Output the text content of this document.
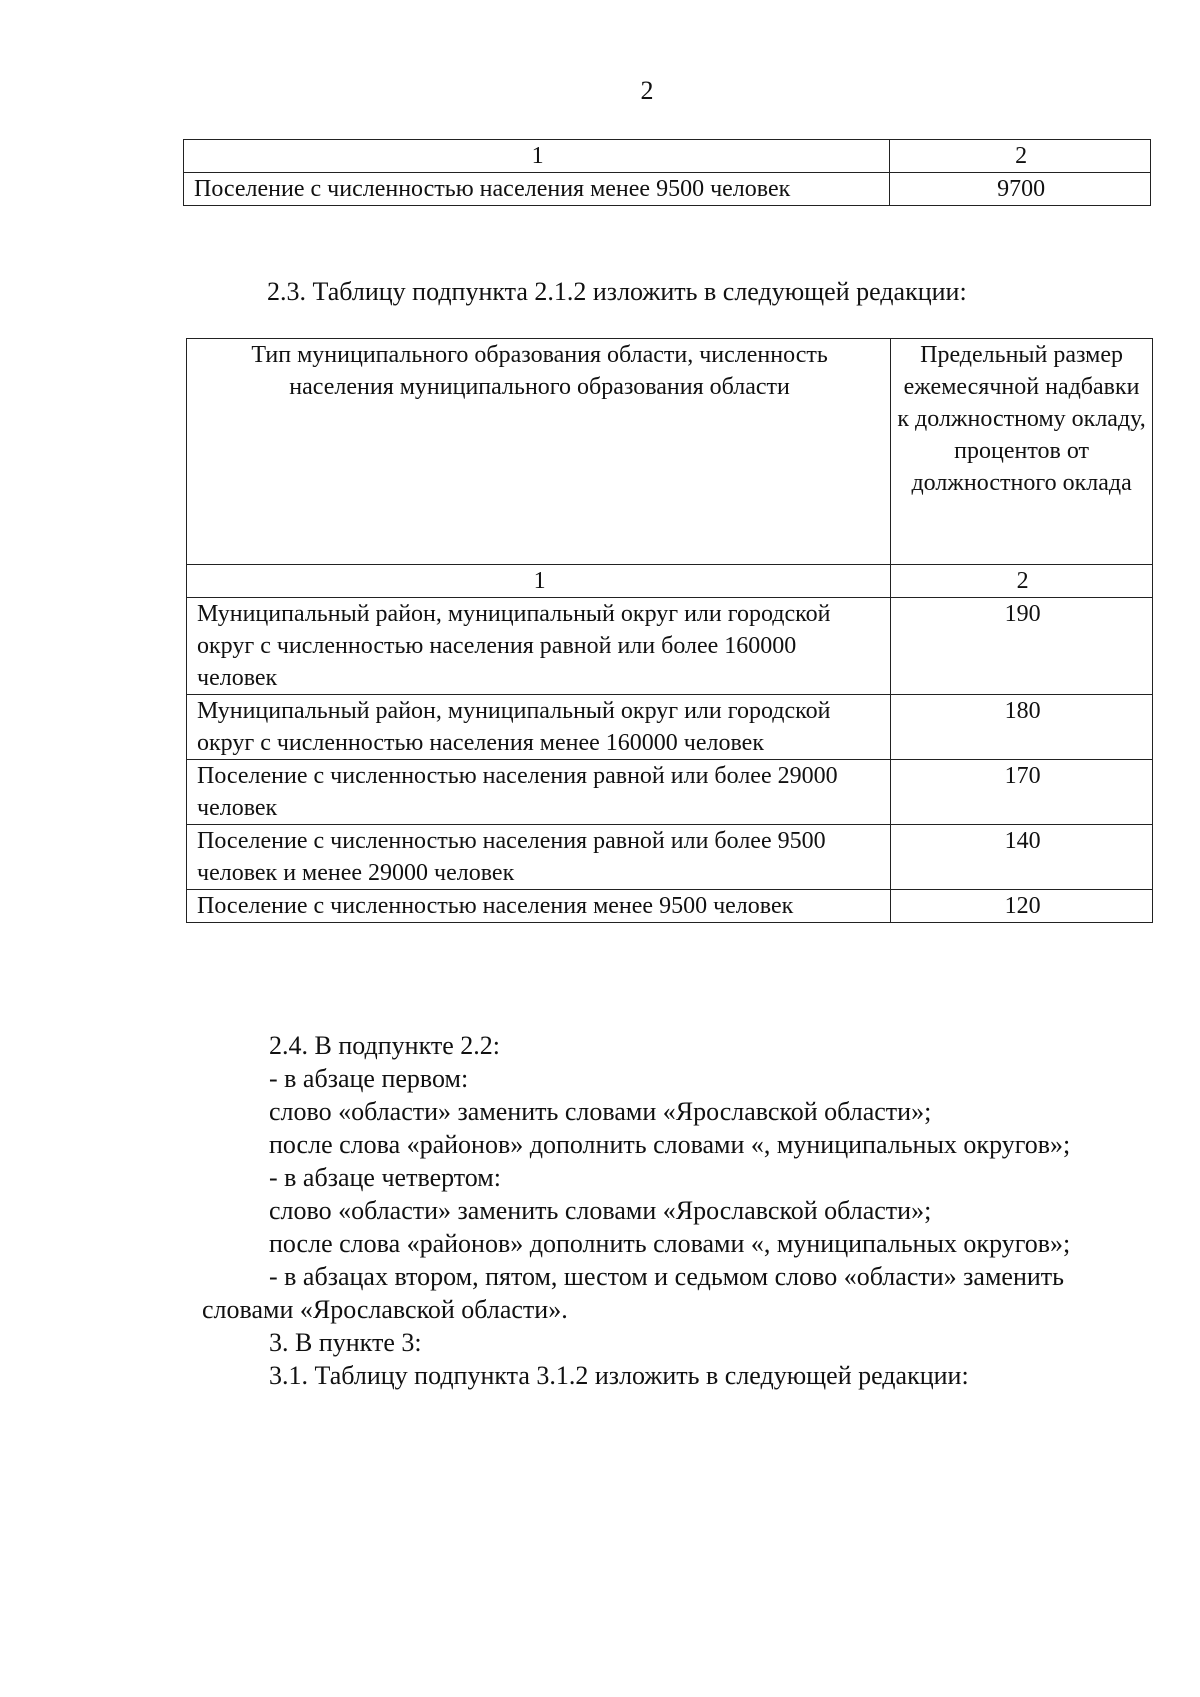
2
1	2
Поселение с численностью населения менее 9500 человек	9700
2.3. Таблицу подпункта 2.1.2 изложить в следующей редакции:
Тип муниципального образования области, численность населения муниципального образования области	Предельный размер ежемесячной надбавки к должностному окладу, процентов от должностного оклада
1	2
Муниципальный район, муниципальный округ или городской округ с численностью населения равной или более 160000 человек	190
Муниципальный район, муниципальный округ или городской округ с численностью населения менее 160000 человек	180
Поселение с численностью населения равной или более 29000 человек	170
Поселение с численностью населения равной или более 9500 человек и менее 29000 человек	140
Поселение с численностью населения менее 9500 человек	120
2.4. В подпункте 2.2:
- в абзаце первом:
слово «области» заменить словами «Ярославской области»;
после слова «районов» дополнить словами «, муниципальных округов»;
- в абзаце четвертом:
слово «области» заменить словами «Ярославской области»;
после слова «районов» дополнить словами «, муниципальных округов»;
- в абзацах втором, пятом, шестом и седьмом слово «области» заменить
словами «Ярославской области».
3. В пункте 3:
3.1. Таблицу подпункта 3.1.2 изложить в следующей редакции:
